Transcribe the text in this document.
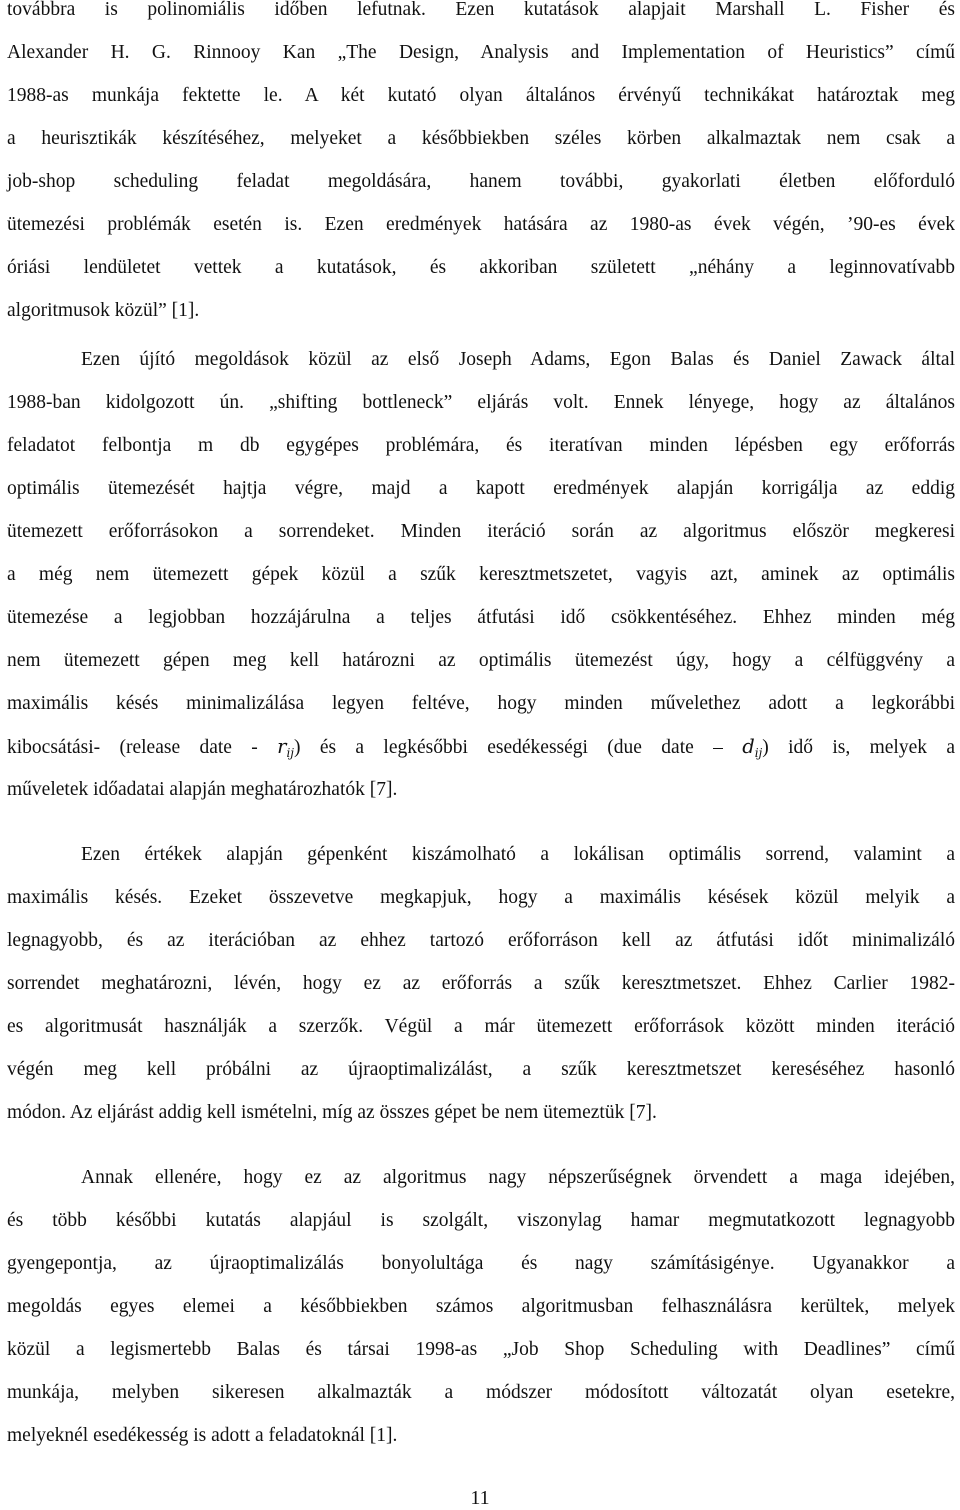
továbbra is polinomiális időben lefutnak. Ezen kutatások alapjait Marshall L. Fisher és
Alexander H. G. Rinnooy Kan „The Design, Analysis and Implementation of Heuristics” című
1988-as munkája fektette le. A két kutató olyan általános érvényű technikákat határoztak meg
a heurisztikák készítéséhez, melyeket a későbbiekben széles körben alkalmaztak nem csak a
job-shop scheduling feladat megoldására, hanem további, gyakorlati életben előforduló
ütemezési problémák esetén is. Ezen eredmények hatására az 1980-as évek végén, ’90-es évek
óriási lendületet vettek a kutatások, és akkoriban született „néhány a leginnovatívabb
algoritmusok közül” [1].
Ezen újító megoldások közül az első Joseph Adams, Egon Balas és Daniel Zawack által
1988-ban kidolgozott ún. „shifting bottleneck” eljárás volt. Ennek lényege, hogy az általános
feladatot felbontja m db egygépes problémára, és iteratívan minden lépésben egy erőforrás
optimális ütemezését hajtja végre, majd a kapott eredmények alapján korrigálja az eddig
ütemezett erőforrásokon a sorrendeket. Minden iteráció során az algoritmus először megkeresi
a még nem ütemezett gépek közül a szűk keresztmetszetet, vagyis azt, aminek az optimális
ütemezése a legjobban hozzájárulna a teljes átfutási idő csökkentéséhez. Ehhez minden még
nem ütemezett gépen meg kell határozni az optimális ütemezést úgy, hogy a célfüggvény a
maximális késés minimalizálása legyen feltéve, hogy minden művelethez adott a legkorábbi
kibocsátási- (release date - $r_{ij}$) és a legkésőbbi esedékességi (due date – $d_{ij}$) idő is, melyek a
műveletek időadatai alapján meghatározhatók [7].
Ezen értékek alapján gépenként kiszámolható a lokálisan optimális sorrend, valamint a
maximális késés. Ezeket összevetve megkapjuk, hogy a maximális késések közül melyik a
legnagyobb, és az iterációban az ehhez tartozó erőforráson kell az átfutási időt minimalizáló
sorrendet meghatározni, lévén, hogy ez az erőforrás a szűk keresztmetszet. Ehhez Carlier 1982-
es algoritmusát használják a szerzők. Végül a már ütemezett erőforrások között minden iteráció
végén meg kell próbálni az újraoptimalizálást, a szűk keresztmetszet kereséséhez hasonló
módon. Az eljárást addig kell ismételni, míg az összes gépet be nem ütemeztük [7].
Annak ellenére, hogy ez az algoritmus nagy népszerűségnek örvendett a maga idejében,
és több későbbi kutatás alapjául is szolgált, viszonylag hamar megmutatkozott legnagyobb
gyengepontja, az újraoptimalizálás bonyolultága és nagy számításigénye. Ugyanakkor a
megoldás egyes elemei a későbbiekben számos algoritmusban felhasználásra kerültek, melyek
közül a legismertebb Balas és társai 1998-as „Job Shop Scheduling with Deadlines” című
munkája, melyben sikeresen alkalmazták a módszer módosított változatát olyan esetekre,
melyeknél esedékesség is adott a feladatoknál [1].
11
